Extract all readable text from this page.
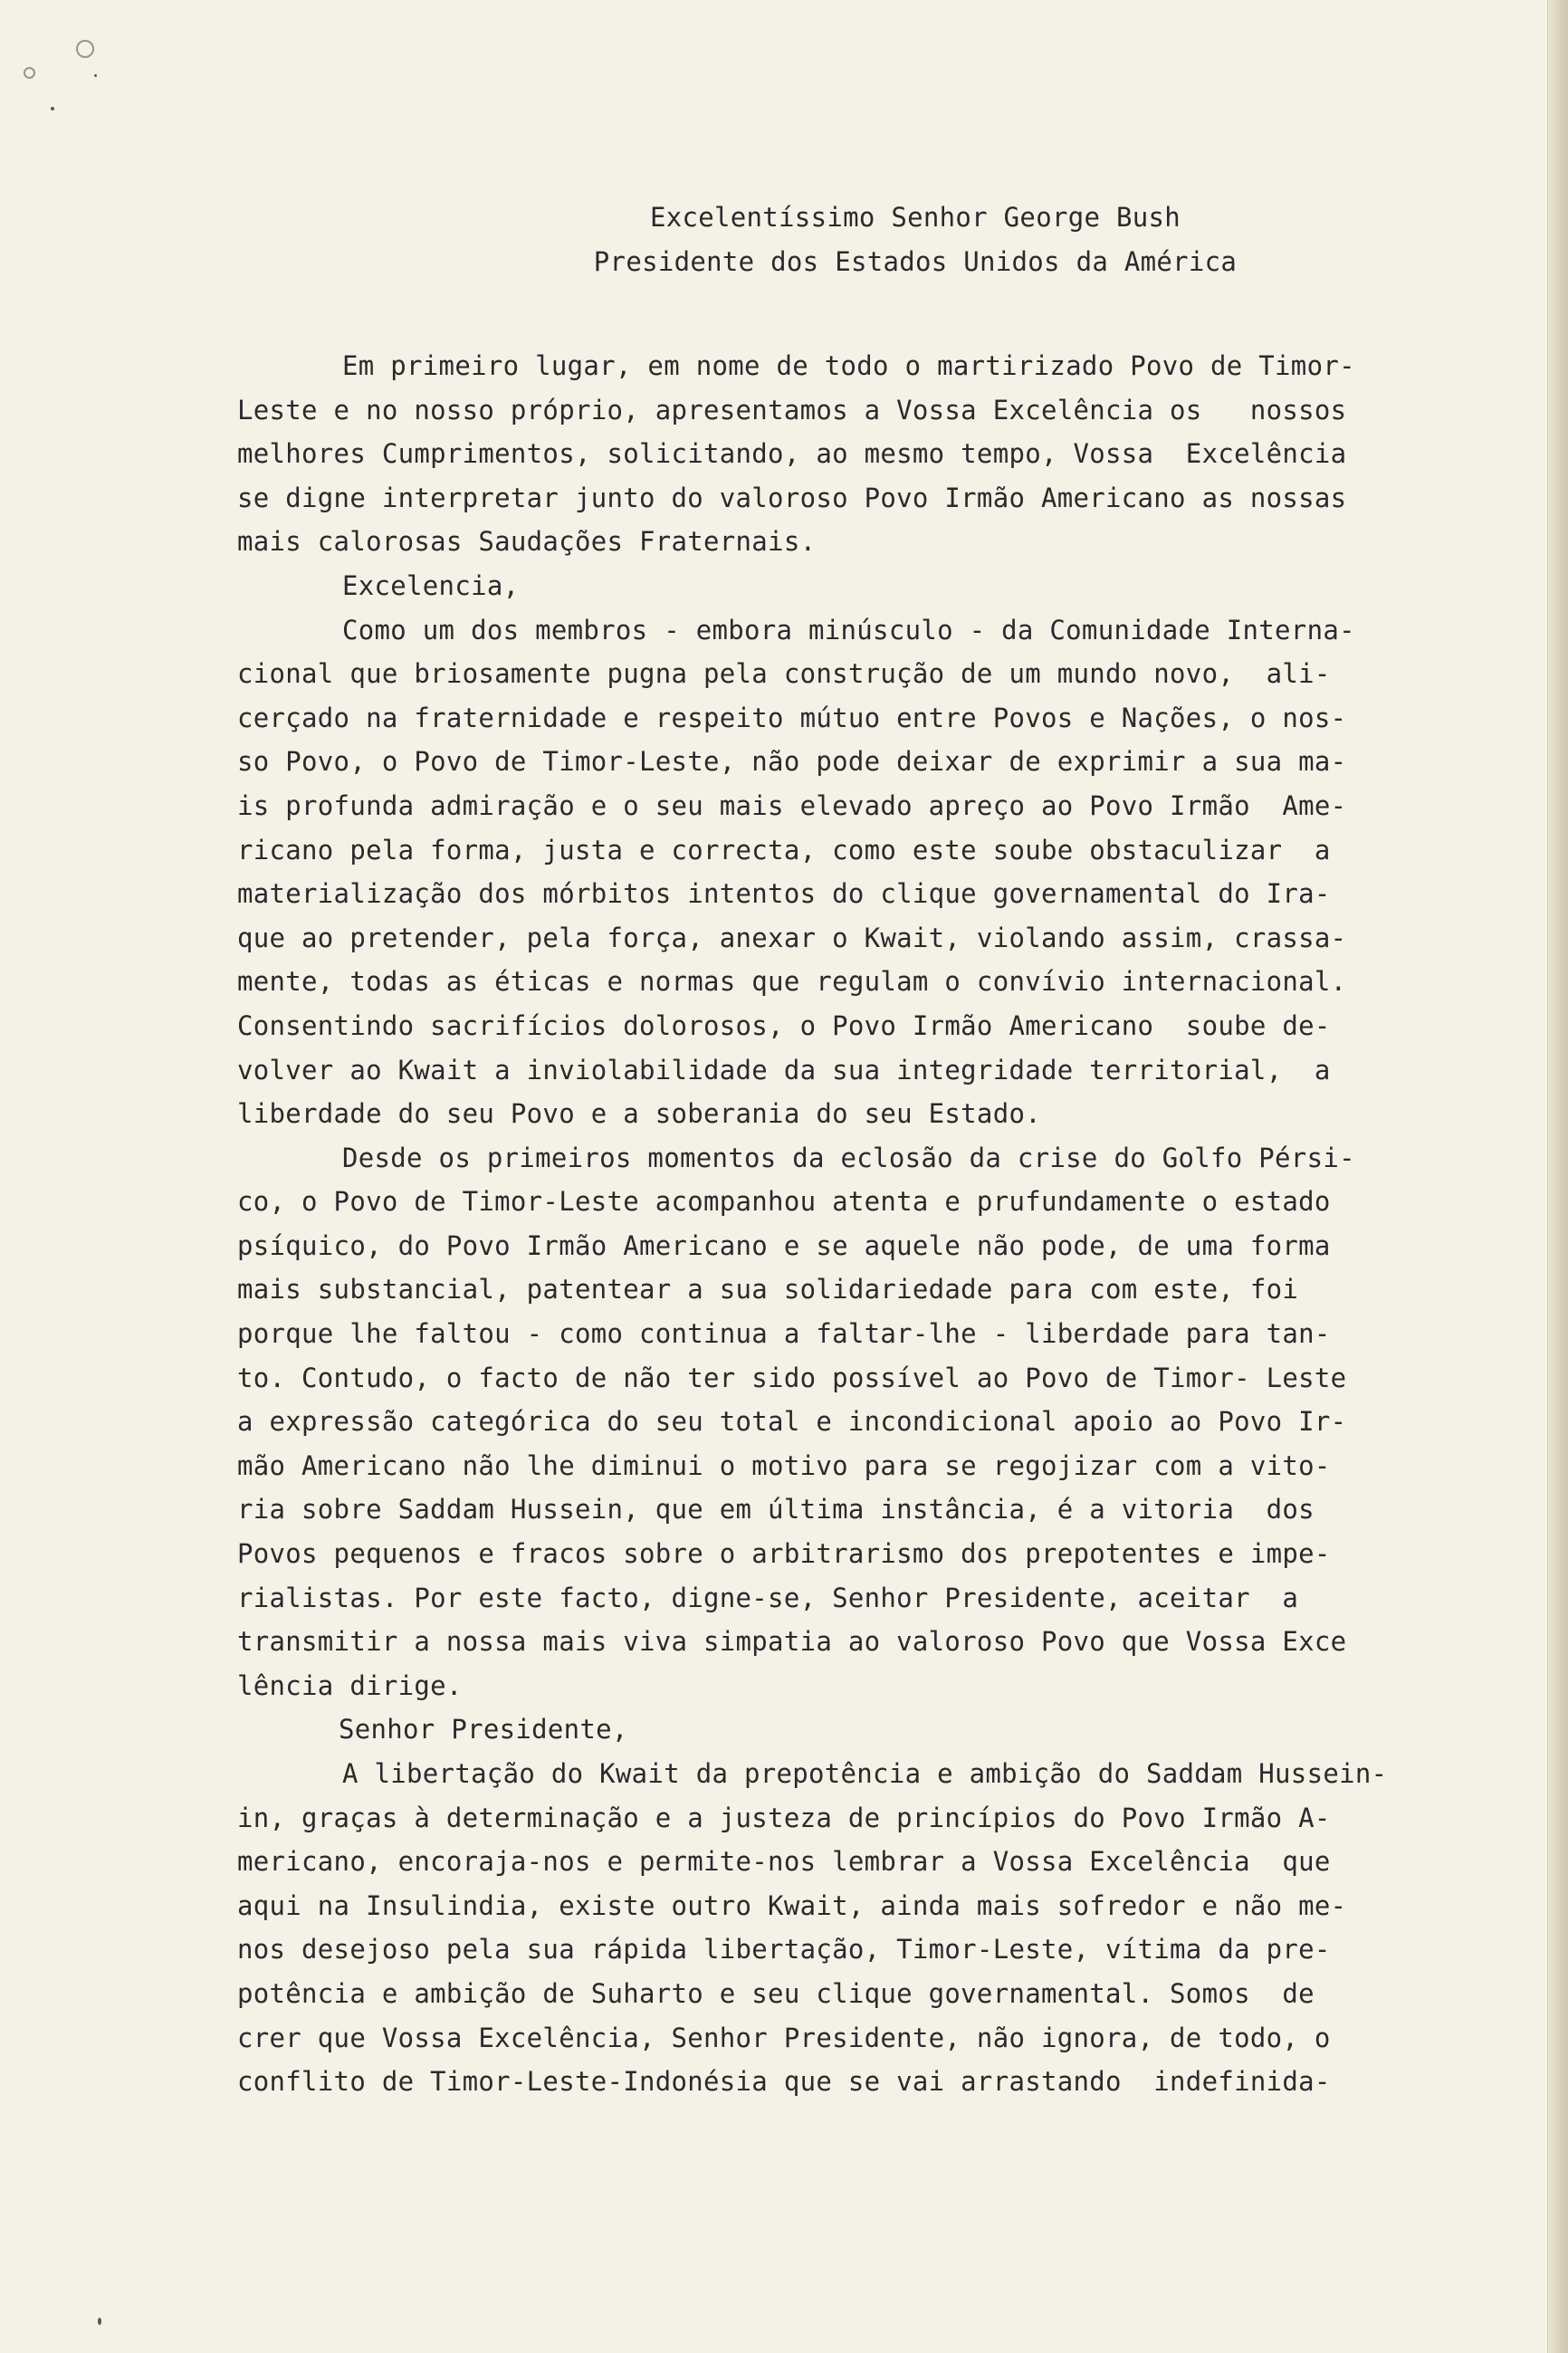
Excelentíssimo Senhor George Bush
Presidente dos Estados Unidos da América
Em primeiro lugar, em nome de todo o martirizado Povo de Timor-
Leste e no nosso próprio, apresentamos a Vossa Excelência os   nossos
melhores Cumprimentos, solicitando, ao mesmo tempo, Vossa  Excelência
se digne interpretar junto do valoroso Povo Irmão Americano as nossas
mais calorosas Saudações Fraternais.
Excelencia,
Como um dos membros - embora minúsculo - da Comunidade Interna-
cional que briosamente pugna pela construção de um mundo novo,  ali-
cerçado na fraternidade e respeito mútuo entre Povos e Nações, o nos-
so Povo, o Povo de Timor-Leste, não pode deixar de exprimir a sua ma-
is profunda admiração e o seu mais elevado apreço ao Povo Irmão  Ame-
ricano pela forma, justa e correcta, como este soube obstaculizar  a
materialização dos mórbitos intentos do clique governamental do Ira-
que ao pretender, pela força, anexar o Kwait, violando assim, crassa-
mente, todas as éticas e normas que regulam o convívio internacional.
Consentindo sacrifícios dolorosos, o Povo Irmão Americano  soube de-
volver ao Kwait a inviolabilidade da sua integridade territorial,  a
liberdade do seu Povo e a soberania do seu Estado.
Desde os primeiros momentos da eclosão da crise do Golfo Pérsi-
co, o Povo de Timor-Leste acompanhou atenta e prufundamente o estado
psíquico, do Povo Irmão Americano e se aquele não pode, de uma forma
mais substancial, patentear a sua solidariedade para com este, foi
porque lhe faltou - como continua a faltar-lhe - liberdade para tan-
to. Contudo, o facto de não ter sido possível ao Povo de Timor- Leste
a expressão categórica do seu total e incondicional apoio ao Povo Ir-
mão Americano não lhe diminui o motivo para se regojizar com a vito-
ria sobre Saddam Hussein, que em última instância, é a vitoria  dos
Povos pequenos e fracos sobre o arbitrarismo dos prepotentes e impe-
rialistas. Por este facto, digne-se, Senhor Presidente, aceitar  a
transmitir a nossa mais viva simpatia ao valoroso Povo que Vossa Exce
lência dirige.
Senhor Presidente,
A libertação do Kwait da prepotência e ambição do Saddam Hussein-
in, graças à determinação e a justeza de princípios do Povo Irmão A-
mericano, encoraja-nos e permite-nos lembrar a Vossa Excelência  que
aqui na Insulindia, existe outro Kwait, ainda mais sofredor e não me-
nos desejoso pela sua rápida libertação, Timor-Leste, vítima da pre-
potência e ambição de Suharto e seu clique governamental. Somos  de
crer que Vossa Excelência, Senhor Presidente, não ignora, de todo, o
conflito de Timor-Leste-Indonésia que se vai arrastando  indefinida-
